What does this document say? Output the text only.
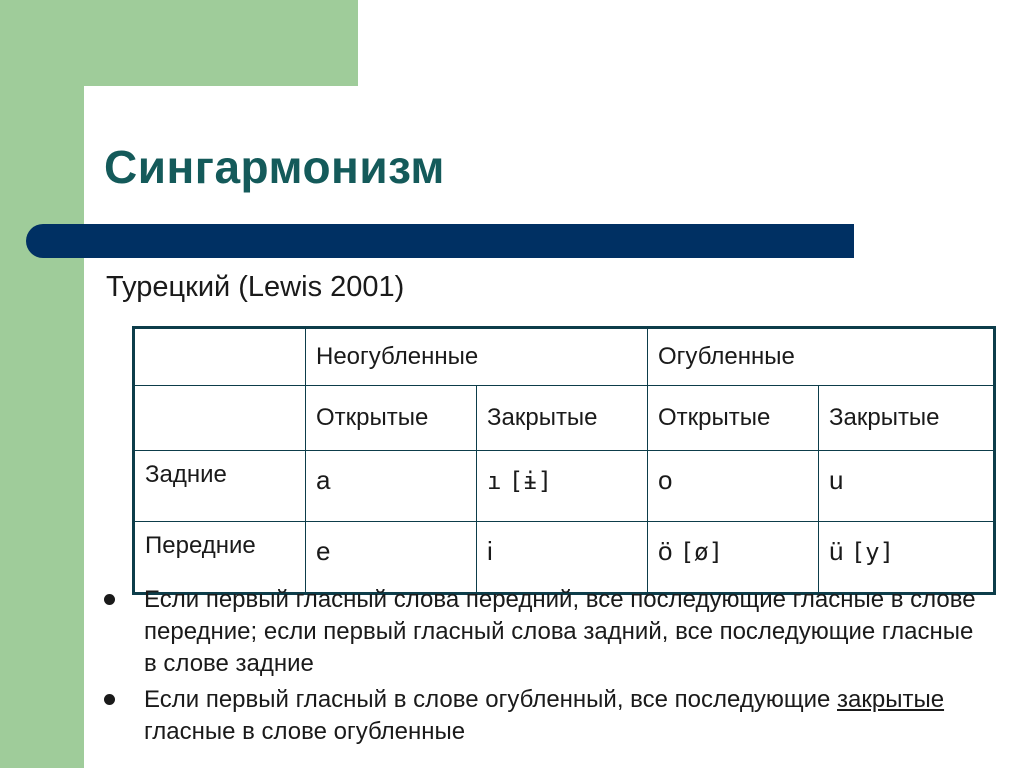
Сингармонизм
Турецкий (Lewis 2001)
	Неогубленные		Огубленные	
	Открытые	Закрытые	Открытые	Закрытые
Задние	a	ı [ɨ]	o	u
Передние	e	i	ö [ø]	ü [y]
Если первый гласный слова передний, все последующие гласные в слове передние; если первый гласный слова задний, все последующие гласные в слове задние
Если первый гласный в слове огубленный, все последующие закрытые гласные в слове огубленные
